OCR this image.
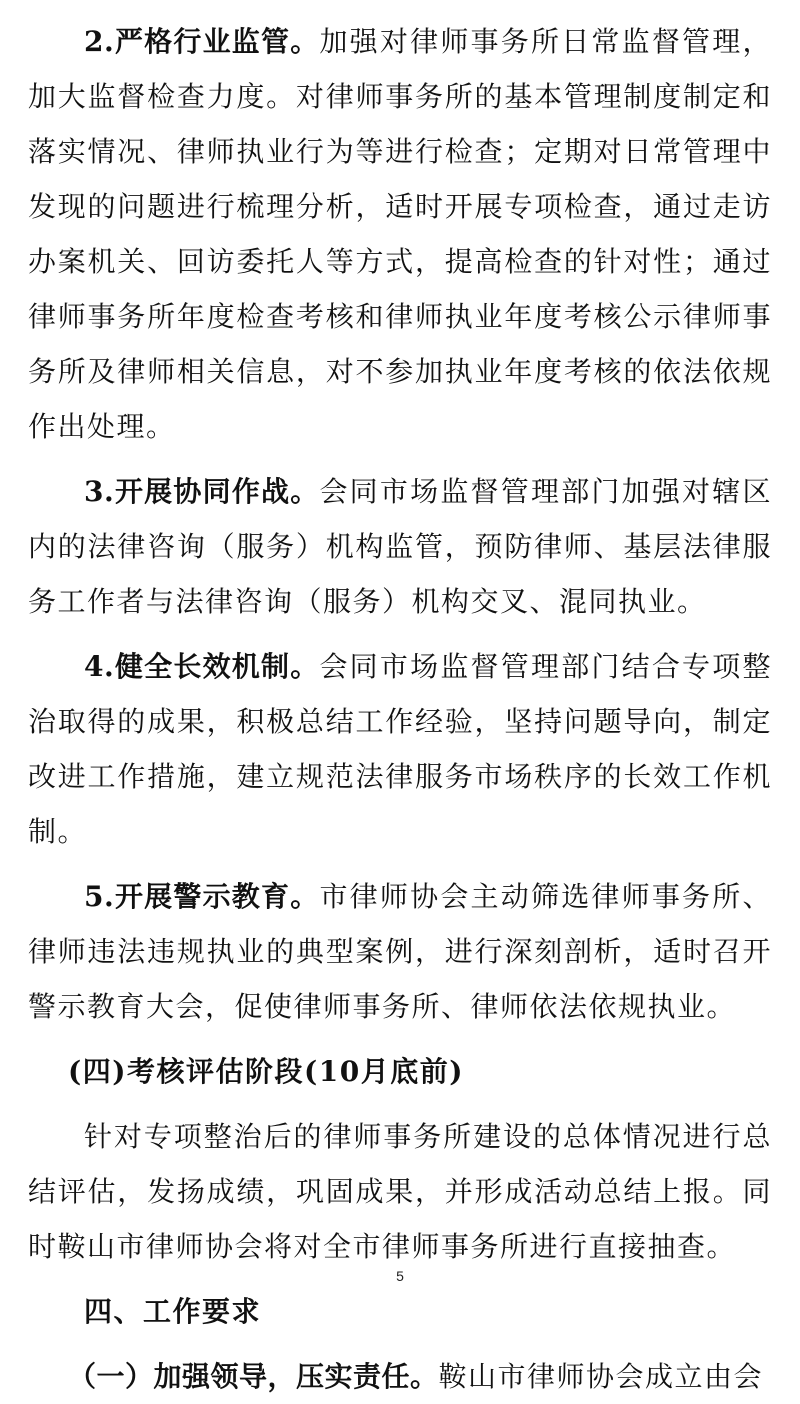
2.严格行业监管。加强对律师事务所日常监督管理，加大监督检查力度。对律师事务所的基本管理制度制定和落实情况、律师执业行为等进行检查；定期对日常管理中发现的问题进行梳理分析，适时开展专项检查，通过走访办案机关、回访委托人等方式，提高检查的针对性；通过律师事务所年度检查考核和律师执业年度考核公示律师事务所及律师相关信息，对不参加执业年度考核的依法依规作出处理。

3.开展协同作战。会同市场监督管理部门加强对辖区内的法律咨询（服务）机构监管，预防律师、基层法律服务工作者与法律咨询（服务）机构交叉、混同执业。

4.健全长效机制。会同市场监督管理部门结合专项整治取得的成果，积极总结工作经验，坚持问题导向，制定改进工作措施，建立规范法律服务市场秩序的长效工作机制。

5.开展警示教育。市律师协会主动筛选律师事务所、律师违法违规执业的典型案例，进行深刻剖析，适时召开警示教育大会，促使律师事务所、律师依法依规执业。

(四)考核评估阶段(10月底前)

针对专项整治后的律师事务所建设的总体情况进行总结评估，发扬成绩，巩固成果，并形成活动总结上报。同时鞍山市律师协会将对全市律师事务所进行直接抽查。

四、工作要求

（一）加强领导，压实责任。鞍山市律师协会成立由会

5
